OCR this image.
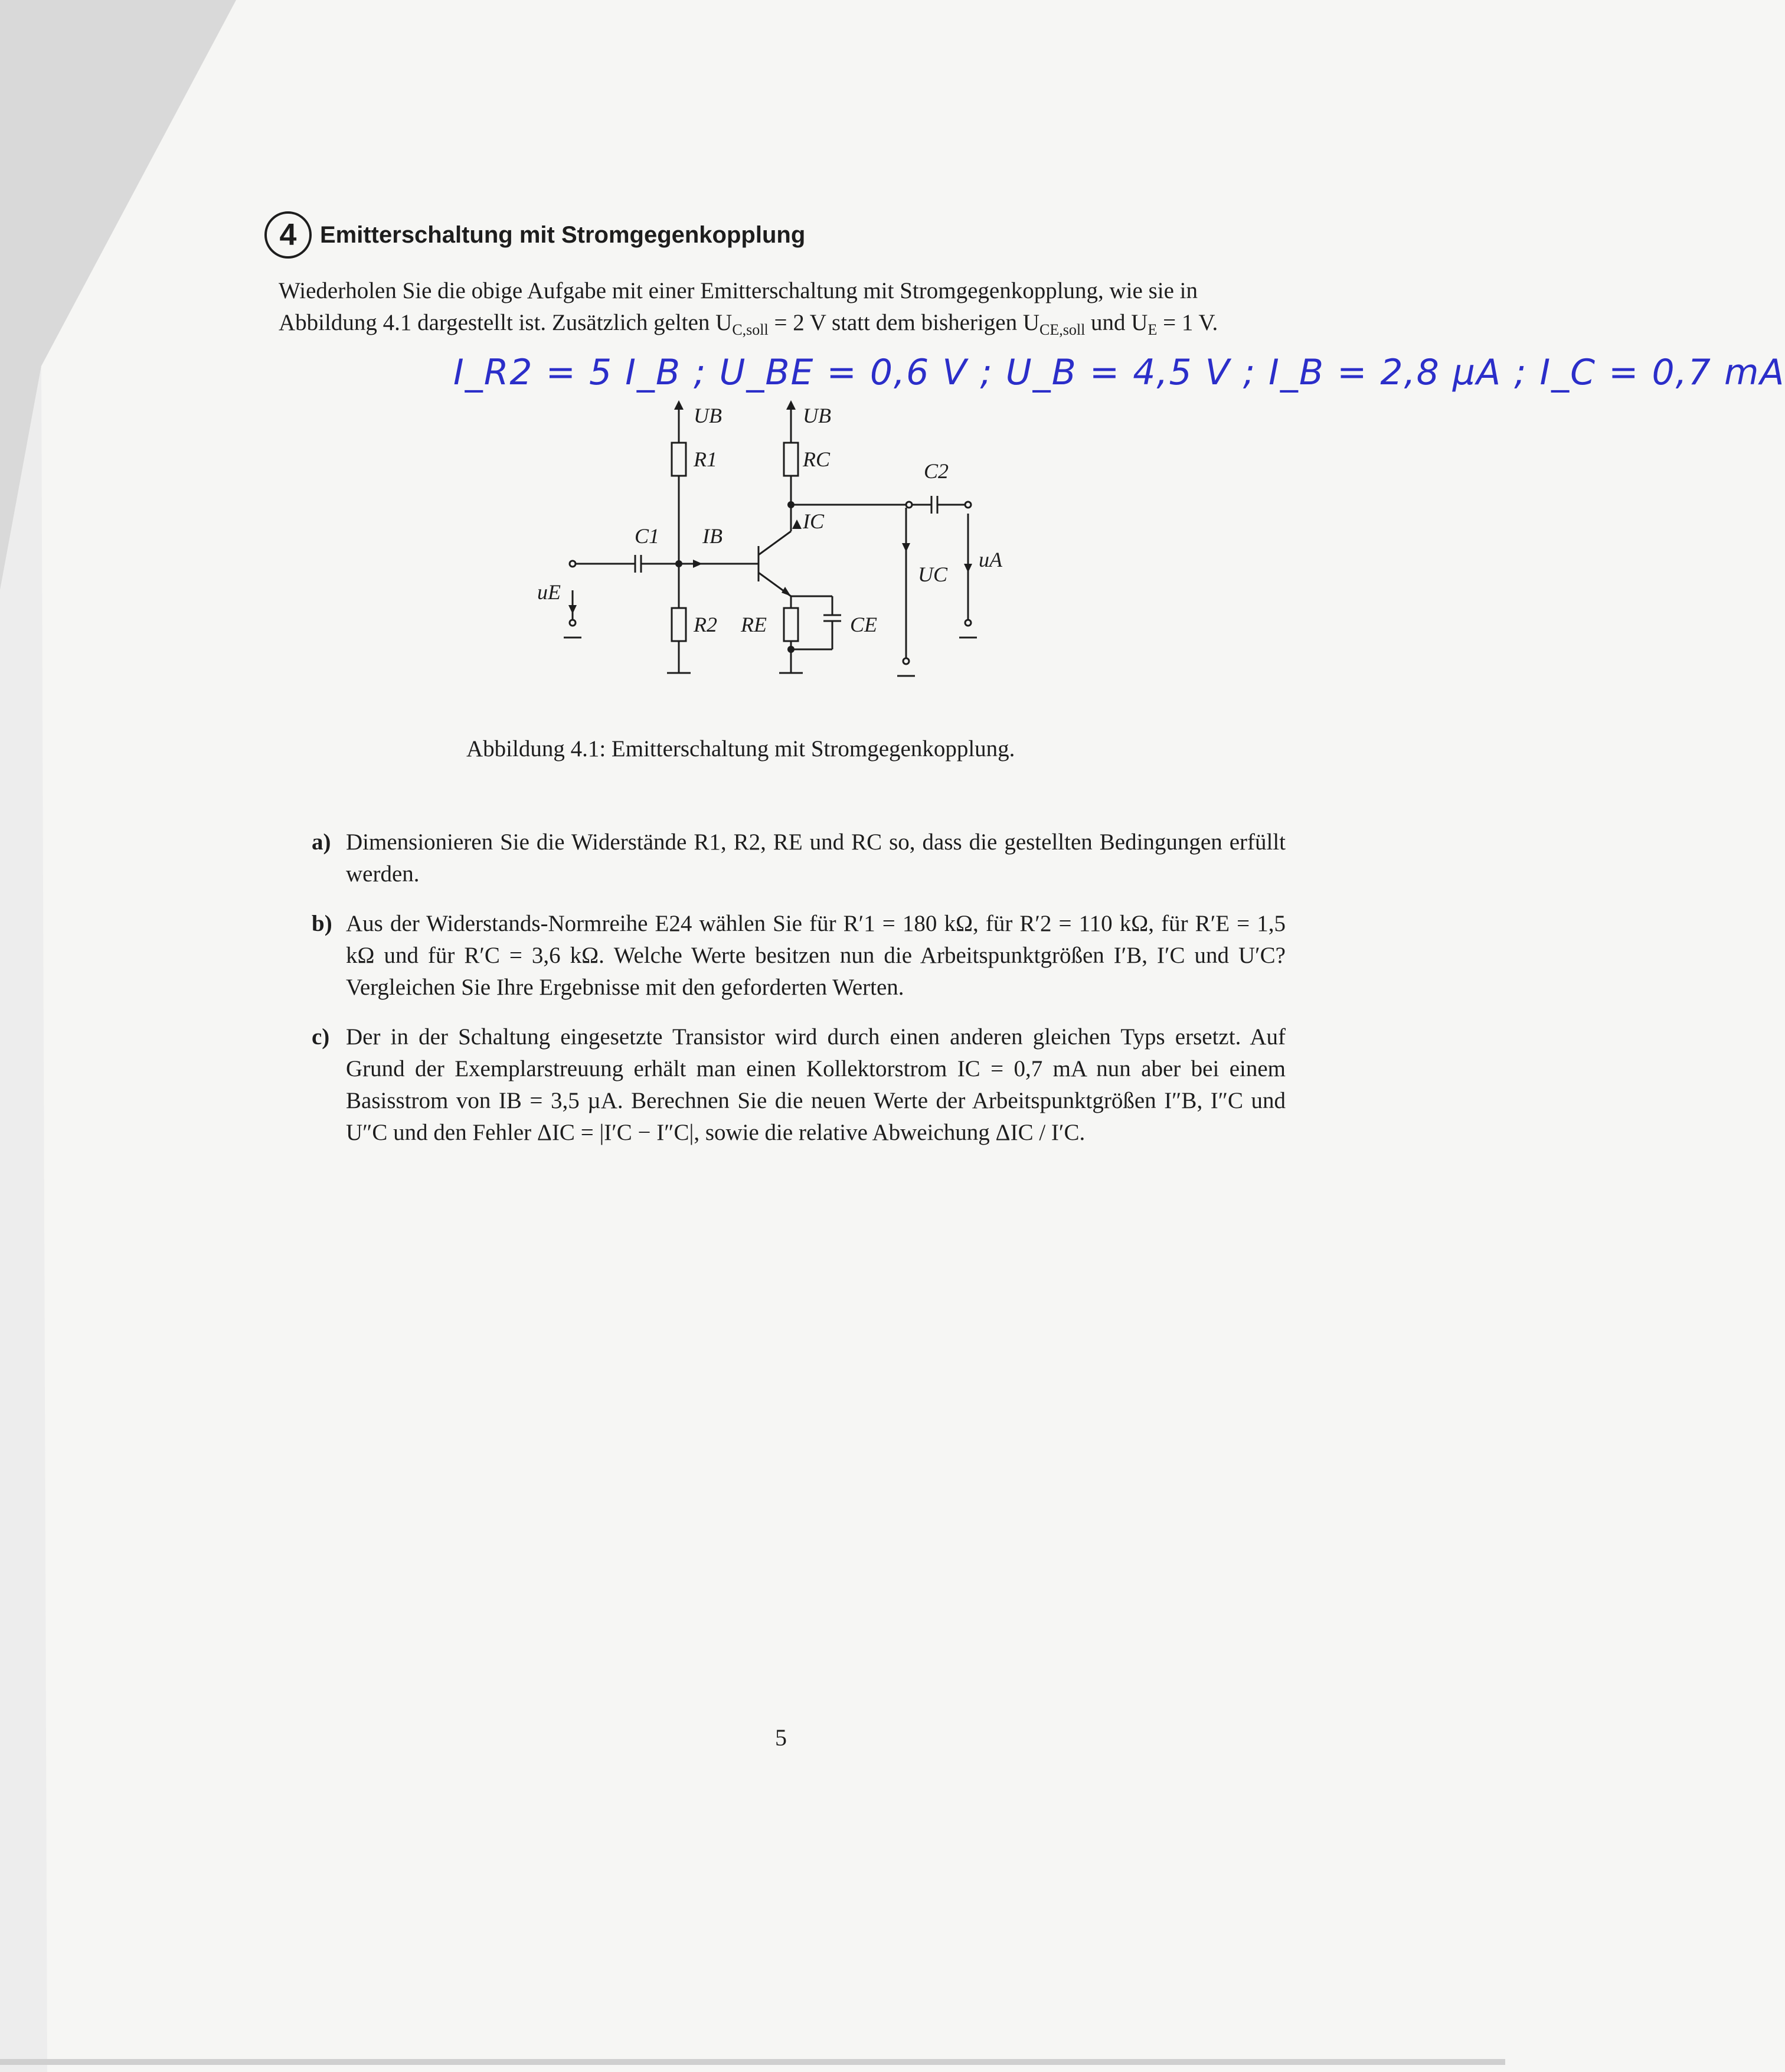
4 Emitterschaltung mit Stromgegenkopplung

Wiederholen Sie die obige Aufgabe mit einer Emitterschaltung mit Stromgegenkopplung, wie sie in Abbildung 4.1 dargestellt ist. Zusätzlich gelten $U_{C,soll} = 2$ V statt dem bisherigen $U_{CE,soll}$ und $U_E = 1$ V.

I_R2 = 5 I_B ; U_BE = 0,6 V ; U_B = 4,5 V ; I_B = 2,8 µA ; I_C = 0,7 mA
UB	UB
R1	RC	C2
C1 IB
IC
uE
UC
uA
R2 RE	CE
Abbildung 4.1: Emitterschaltung mit Stromgegenkopplung.
a) Dimensionieren Sie die Widerstände R1, R2, RE und RC so, dass die gestellten Bedingungen erfüllt werden.

b) Aus der Widerstands-Normreihe E24 wählen Sie für R′1 = 180 kΩ, für R′2 = 110 kΩ, für R′E = 1,5 kΩ und für R′C = 3,6 kΩ. Welche Werte besitzen nun die Arbeitspunktgrößen I′B, I′C und U′C? Vergleichen Sie Ihre Ergebnisse mit den geforderten Werten.

c) Der in der Schaltung eingesetzte Transistor wird durch einen anderen gleichen Typs ersetzt. Auf Grund der Exemplarstreuung erhält man einen Kollektorstrom IC = 0,7 mA nun aber bei einem Basisstrom von IB = 3,5 µA. Berechnen Sie die neuen Werte der Arbeitspunktgrößen I″B, I″C und U″C und den Fehler ΔIC = |I′C − I″C|, sowie die relative Abweichung ΔIC / I′C.

5
